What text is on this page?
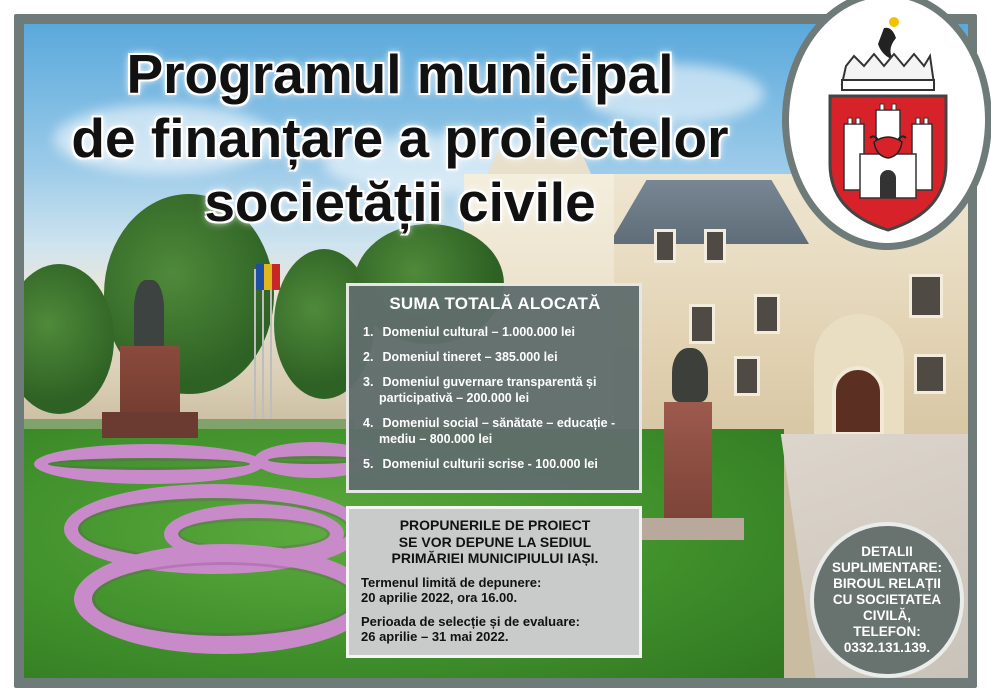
Programul municipal
de finanțare a proiectelor
societății civile
SUMA TOTALĂ ALOCATĂ
1. Domeniul cultural – 1.000.000 lei
2. Domeniul tineret – 385.000 lei
3. Domeniul guvernare transparentă și participativă – 200.000 lei
4. Domeniul social – sănătate – educație - mediu – 800.000 lei
5. Domeniul culturii scrise - 100.000 lei
PROPUNERILE DE PROIECT
SE VOR DEPUNE LA SEDIUL
PRIMĂRIEI MUNICIPIULUI IAȘI.
Termenul limită de depunere:
20 aprilie 2022, ora 16.00.
Perioada de selecție și de evaluare:
26 aprilie – 31 mai 2022.

DETALII
SUPLIMENTARE:
BIROUL RELAȚII
CU SOCIETATEA
CIVILĂ, TELEFON:
0332.131.139.
